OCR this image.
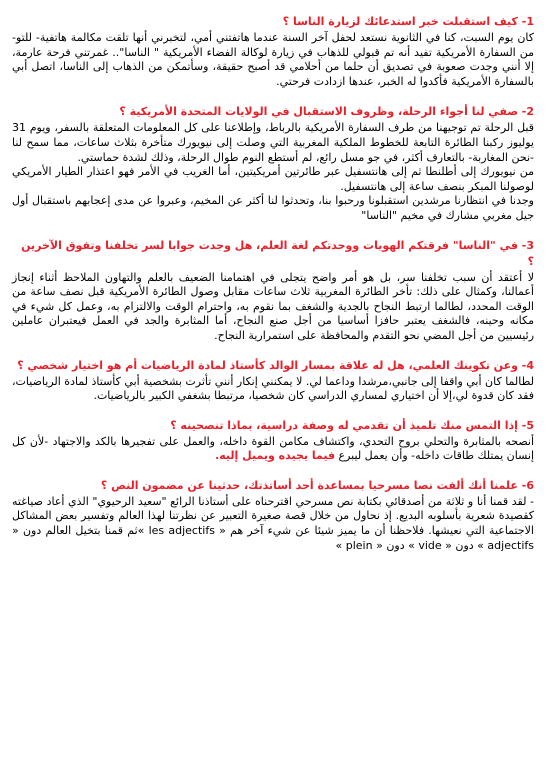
1- كيف استقبلت خبر استدعائك لزيارة الناسا ؟

كان يوم السبت، كنا في الثانوية نستعد لحفل آخر السنة عندما هاتفتني أمي، لتخبرني أنها تلقت مكالمة هاتفية- للتو- من السفارة الأمريكية تفيد أنه تم قبولي للذهاب في زيارة لوكالة الفضاء الأمريكية " الناسا".. غمرتني فرحة عارمة، إلا أنني وجدت صعوبة في تصديق أن حلما من أحلامي قد أصبح حقيقة، وسأتمكن من الذهاب إلى الناسا، اتصل أبي بالسفارة الأمريكية فأكدوا له الخبر، عندها ازدادت فرحتي.

2- صفي لنا أجواء الرحلة، وظروف الاستقبال في الولايات المتحدة الأمريكية ؟

قبل الرحلة تم توجيهنا من طرف السفارة الأمريكية بالرباط، وإطلاعنا على كل المعلومات المتعلقة بالسفر، ويوم 31 يوليوز ركبنا الطائرة التابعة للخطوط الملكية المغربية التي وصلت إلى نيويورك متأخرة بثلاث ساعات، مما سمح لنا -نحن المغاربة- بالتعارف أكثر، في جو مسل رائع، لم أستطع النوم طوال الرحلة، وذلك لشدة حماستي.

من نيويورك إلى أطلنطا ثم إلى هانتسفيل عبر طائرتين أمريكيتين، أما الغريب في الأمر فهو اعتذار الطيار الأمريكي لوصولنا المبكر بنصف ساعة إلى هانتسفيل.

وجدنا في انتظارنا مرشدين استقبلونا ورحبوا بنا، وتحدثوا لنا أكثر عن المخيم، وعبروا عن مدى إعجابهم باستقبال أول جيل مغربي مشارك في مخيم "الناسا"

3- في "الناسا" فرقتكم الهويات ووحدتكم لغة العلم، هل وجدت جوابا لسر تخلفنا وتفوق الآخرين ؟

لا أعتقد أن سبب تخلفنا سر، بل هو أمر واضح يتجلى في اهتمامنا الضعيف بالعلم والتهاون الملاحظ أثناء إنجاز أعمالنا، وكمثال على ذلك: تأخر الطائرة المغربية ثلاث ساعات مقابل وصول الطائرة الأمريكية قبل نصف ساعة من الوقت المحدد، لطالما ارتبط النجاح بالجدية والشغف بما نقوم به، واحترام الوقت والالتزام به، وعمل كل شيء في مكانه وحينه، فالشغف يعتبر حافزا أساسيا من أجل صنع النجاح، أما المثابرة والجد في العمل فيعتبران عاملين رئيسيين من أجل المضي نحو التقدم والمحافظة على استمرارية النجاح.

4- وعن تكوينك العلمي، هل له علاقة بمسار الوالد كأستاذ لمادة الرياضيات أم هو اختيار شخصي ؟

لطالما كان أبي واقفا إلى جانبي،مرشدا وداعما لي. لا يمكنني إنكار أنني تأثرت بشخصية أبي كأستاذ لمادة الرياضيات، فقد كان قدوة لي،إلا أن اختياري لمساري الدراسي كان شخصيا، مرتبطا بشغفي الكبير بالرياضيات.

5- إذا التمس منك تلميذ أن تقدمي له وصفة دراسية، بماذا تنصحينه ؟

أنصحه بالمثابرة والتحلي بروح التحدي، واكتشاف مكامن القوة داخله، والعمل على تفجيرها بالكد والاجتهاد -لأن كل إنسان يمتلك طاقات داخله- وأن يعمل ليبرع فيما يجيده ويميل إليه.

6- علمنا أنك ألفت نصا مسرحيا بمساعدة أحد أساتذتك، حدثينا عن مضمون النص ؟

- لقد قمنا أنا و ثلاثة من أصدقائي بكتابة نص مسرحي اقترحناه على أستاذنا الرائع "سعيد الرحيوي" الذي أعاد صياغته كقصيدة شعرية بأسلوبه البديع. إذ نحاول من خلال قصة صغيرة التعبير عن نظرتنا لهذا العالم وتفسير بعض المشاكل الاجتماعية التي نعيشها. فلاحظنا أن ما يميز شيئا عن شيء آخر هم « les adjectifs »ثم قمنا بتخيل العالم دون « adjectifs » دون « vide » دون « plein »
